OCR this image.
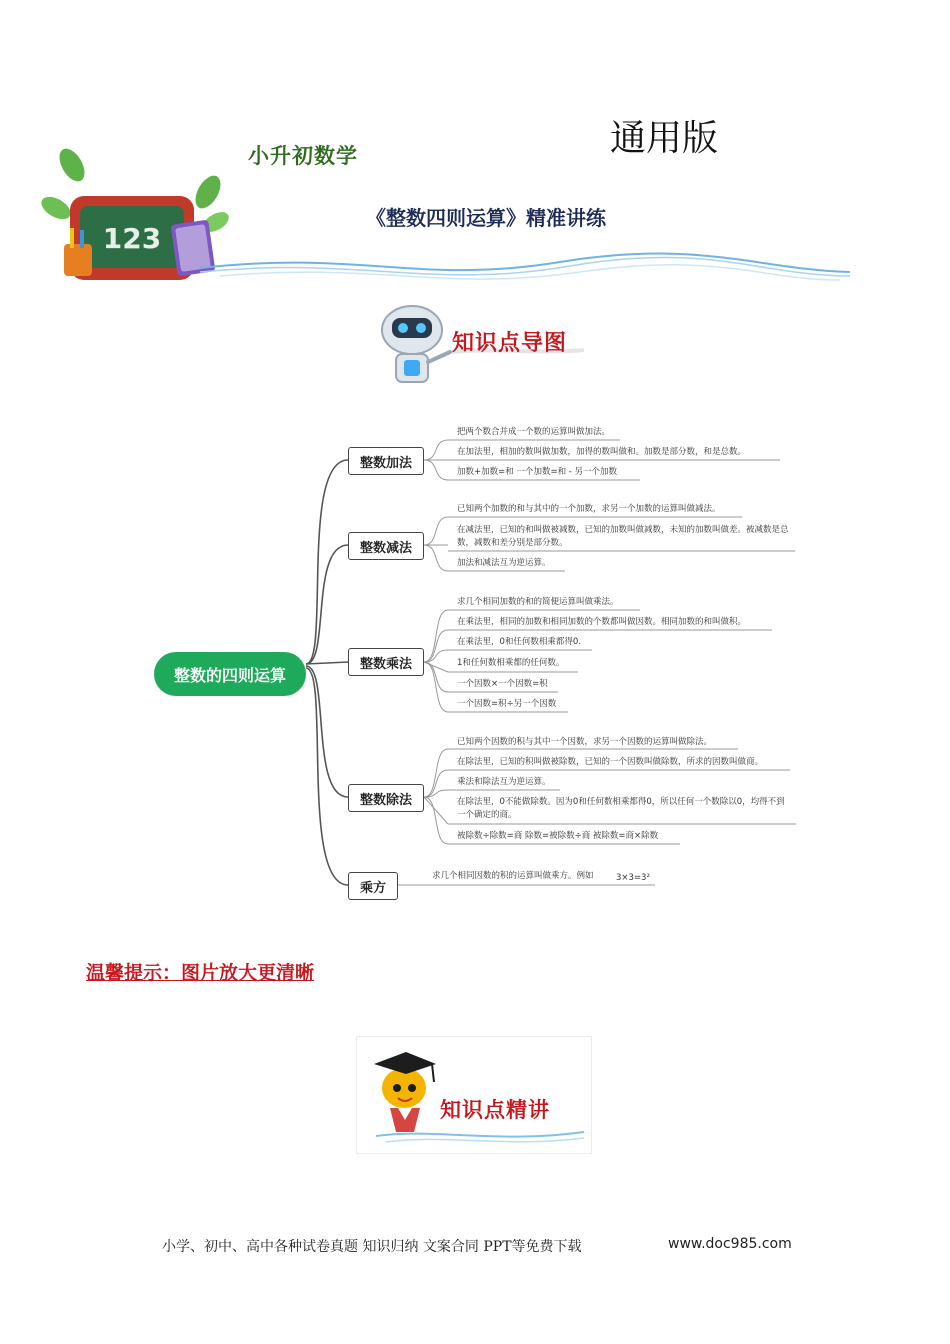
123
小升初数学	通用版
《整数四则运算》精准讲练
知识点导图
整数的四则运算
整数加法
整数减法
整数乘法
整数除法
乘方
把两个数合并成一个数的运算叫做加法。
在加法里，相加的数叫做加数，加得的数叫做和。加数是部分数，和是总数。
加数+加数=和 一个加数=和 - 另一个加数
已知两个加数的和与其中的一个加数，求另一个加数的运算叫做减法。
在减法里，已知的和叫做被减数，已知的加数叫做减数，未知的加数叫做差。被减数是总数，减数和差分别是部分数。
加法和减法互为逆运算。
求几个相同加数的和的简便运算叫做乘法。
在乘法里，相同的加数和相同加数的个数都叫做因数。相同加数的和叫做积。
在乘法里，0和任何数相乘都得0.
1和任何数相乘都的任何数。
一个因数×一个因数=积
一个因数=积÷另一个因数
已知两个因数的积与其中一个因数，求另一个因数的运算叫做除法。
在除法里，已知的积叫做被除数，已知的一个因数叫做除数，所求的因数叫做商。
乘法和除法互为逆运算。
在除法里，0不能做除数。因为0和任何数相乘都得0，所以任何一个数除以0，均得不到一个确定的商。
被除数÷除数=商 除数=被除数÷商 被除数=商×除数
求几个相同因数的积的运算叫做乘方。例如	3×3=3²
温馨提示：图片放大更清晰
知识点精讲
小学、初中、高中各种试卷真题 知识归纳 文案合同 PPT等免费下载	www.doc985.com
